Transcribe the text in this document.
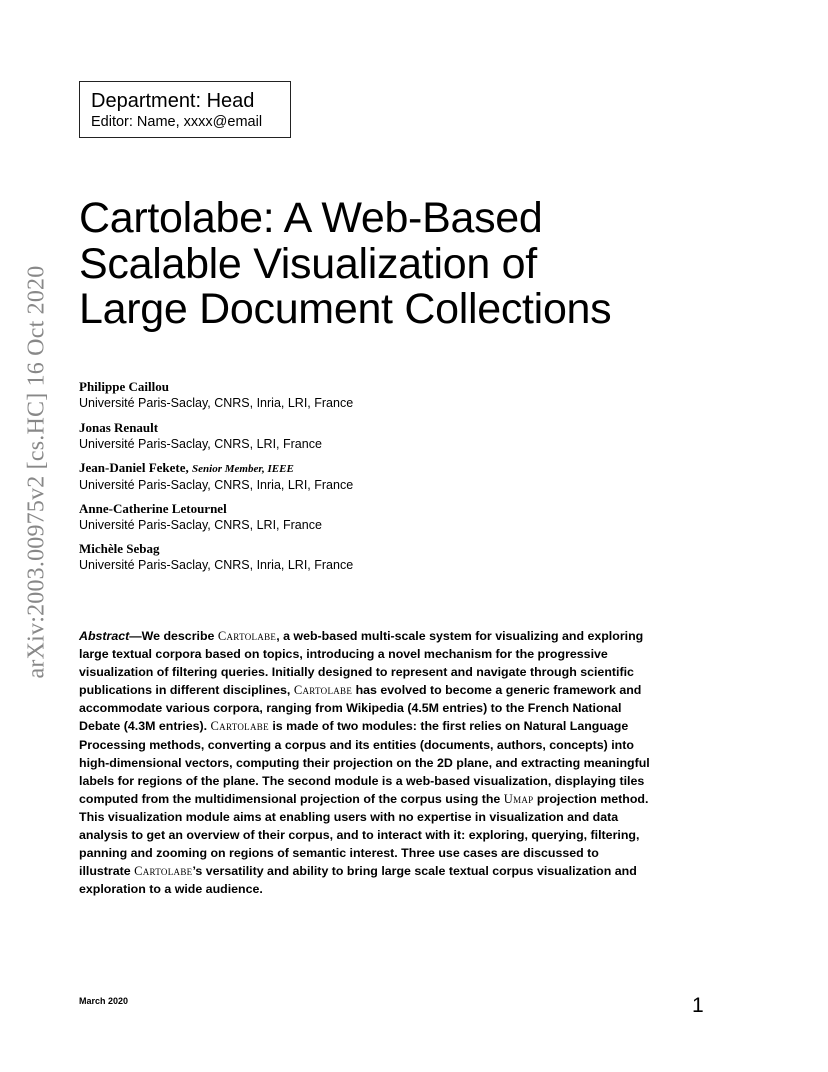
Department: Head
Editor: Name, xxxx@email
arXiv:2003.00975v2 [cs.HC] 16 Oct 2020
Cartolabe: A Web-Based
Scalable Visualization of
Large Document Collections
Philippe Caillou
Université Paris-Saclay, CNRS, Inria, LRI, France
Jonas Renault
Université Paris-Saclay, CNRS, LRI, France
Jean-Daniel Fekete, Senior Member, IEEE
Université Paris-Saclay, CNRS, Inria, LRI, France
Anne-Catherine Letournel
Université Paris-Saclay, CNRS, LRI, France
Michèle Sebag
Université Paris-Saclay, CNRS, Inria, LRI, France
Abstract—We describe Cartolabe, a web-based multi-scale system for visualizing and exploring
large textual corpora based on topics, introducing a novel mechanism for the progressive
visualization of filtering queries. Initially designed to represent and navigate through scientific
publications in different disciplines, Cartolabe has evolved to become a generic framework and
accommodate various corpora, ranging from Wikipedia (4.5M entries) to the French National
Debate (4.3M entries). Cartolabe is made of two modules: the first relies on Natural Language
Processing methods, converting a corpus and its entities (documents, authors, concepts) into
high-dimensional vectors, computing their projection on the 2D plane, and extracting meaningful
labels for regions of the plane. The second module is a web-based visualization, displaying tiles
computed from the multidimensional projection of the corpus using the Umap projection method.
This visualization module aims at enabling users with no expertise in visualization and data
analysis to get an overview of their corpus, and to interact with it: exploring, querying, filtering,
panning and zooming on regions of semantic interest. Three use cases are discussed to
illustrate Cartolabe’s versatility and ability to bring large scale textual corpus visualization and
exploration to a wide audience.
March 2020	1
